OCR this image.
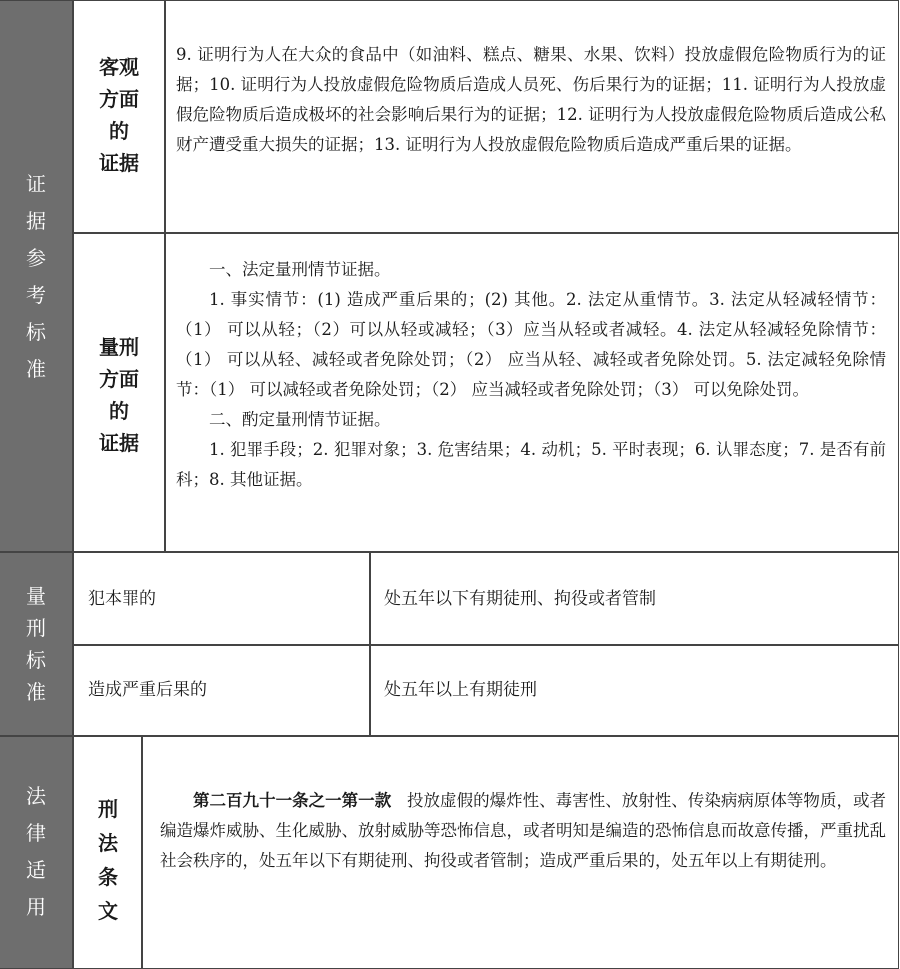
证据参考标准
量刑标准
法律适用
客观
方面
的
证据

9. 证明行为人在大众的食品中（如油料、糕点、糖果、水果、饮料）投放虚假危险物质行为的证据；10. 证明行为人投放虚假危险物质后造成人员死、伤后果行为的证据；11. 证明行为人投放虚假危险物质后造成极坏的社会影响后果行为的证据；12. 证明行为人投放虚假危险物质后造成公私财产遭受重大损失的证据；13. 证明行为人投放虚假危险物质后造成严重后果的证据。

量刑
方面
的
证据

一、法定量刑情节证据。

1. 事实情节：(1) 造成严重后果的；(2) 其他。2. 法定从重情节。3. 法定从轻减轻情节：（1） 可以从轻；（2）可以从轻或减轻；（3）应当从轻或者减轻。4. 法定从轻减轻免除情节：（1） 可以从轻、减轻或者免除处罚；（2） 应当从轻、减轻或者免除处罚。5. 法定减轻免除情节：（1） 可以减轻或者免除处罚；（2） 应当减轻或者免除处罚；（3） 可以免除处罚。

二、酌定量刑情节证据。

1. 犯罪手段；2. 犯罪对象；3. 危害结果；4. 动机；5. 平时表现；6. 认罪态度；7. 是否有前科；8. 其他证据。

犯本罪的	处五年以下有期徒刑、拘役或者管制
造成严重后果的	处五年以上有期徒刑
刑
法
条
文

第二百九十一条之一第一款 投放虚假的爆炸性、毒害性、放射性、传染病病原体等物质，或者编造爆炸威胁、生化威胁、放射威胁等恐怖信息，或者明知是编造的恐怖信息而故意传播，严重扰乱社会秩序的，处五年以下有期徒刑、拘役或者管制；造成严重后果的，处五年以上有期徒刑。
